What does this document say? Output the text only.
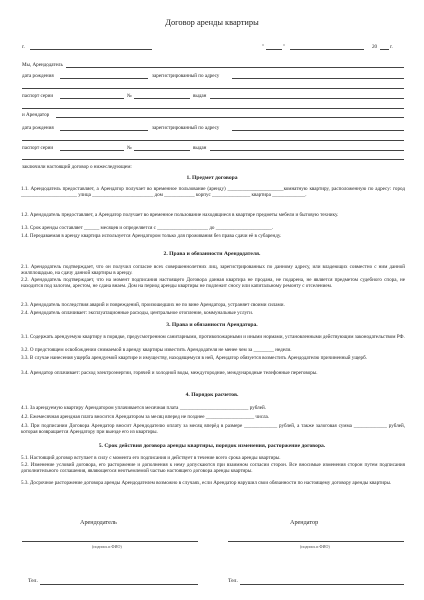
Договор аренды квартиры
г.	"	"	20	г.
Мы, Арендодатель
дата рождения	зарегистрированный по адресу
паспорт серии	№	выдан
и Арендатор
дата рождения	зарегистрированный по адресу
паспорт серии	№	выдан
заключили настоящий договор о нижеследующем:
1. Предмет договора
1.1. Арендодатель предоставляет, а Арендатор получает во временное пользование (аренду) ______________________комнатную квартиру, расположенную по адресу: город ______________________ улица ________________________ дом ____________ корпус _______________ квартира _____________.
1.2. Арендодатель предоставляет, а Арендатор получает во временное пользование находящиеся в квартире предметы мебели и бытовую технику.
1.3. Срок аренды составляет ______ месяцев и определяется с ____________________ до ______________________.
1.4. Передаваемая в аренду квартира используется Арендатором только для проживания без права сдачи её в субаренду.
2. Права и обязанности Арендодателя.
2.1. Арендодатель подтверждает, что он получил согласие всех совершеннолетних лиц, зарегистрированных по данному адресу, или владеющих совместно с ним данной жилплощадью, на сдачу данной квартиры в аренду.
2.2. Арендодатель подтверждает, что на момент подписания настоящего Договора данная квартира не продана, не подарена, не является предметом судебного спора, не находится под залогом, арестом, не сдана внаем. Дом на период аренды квартиры не подлежит сносу или капитальному ремонту с отселением.
2.3. Арендодатель последствия аварий и повреждений, произошедших не по вине Арендатора, устраняет своими силами.
2.4. Арендодатель оплачивает: эксплуатационные расходы, центральное отопление, коммунальные услуги.
3. Права и обязанности Арендатора.
3.1. Содержать арендуемую квартиру в порядке, предусмотренном санитарными, противопожарными и иными нормами, установленными действующим законодательством РФ.
3.2. О предстоящем освобождении снимаемой в аренду квартиры известить Арендодателя не менее чем за ________ недели.
3.3. В случае нанесения ущерба арендуемой квартире и имуществу, находящемуся в ней, Арендатор обязуется возместить Арендодателю причиненный ущерб.
3.4. Арендатор оплачивает: расход электроэнергии, горячей и холодной воды, междугородние, международные телефонные переговоры.
4. Порядок расчетов.
4.1. За арендуемую квартиру Арендатором уплачивается месячная плата ___________________________ рублей.
4.2. Ежемесячная арендная плата вносится Арендатором за месяц вперед не позднее ___________________ числа.
4.3. При подписании Договора Арендатор вносит Арендодателю оплату за месяц вперёд в размере _____________ рублей, а также залоговая сумма _____________ рублей, которая возвращается Арендатору при выезде его из квартиры.
5. Срок действия договора аренды квартиры, порядок изменения, расторжение договора.
5.1. Настоящий договор вступает в силу с момента его подписания и действует в течение всего срока аренды квартиры.
5.2. Изменение условий договора, его расторжение и дополнения к нему допускаются при взаимном согласии сторон. Все вносимые изменения сторон путем подписания дополнительного соглашения, являющегося неотъемлемой частью настоящего договора аренды квартиры.
5.3. Досрочное расторжение договора аренды Арендодателем возможно в случаях, если Арендатор нарушил свои обязанности по настоящему договору аренды квартиры.
Арендодатель	Арендатор
(подпись и ФИО)	(подпись и ФИО)
Тел.	Тел.
